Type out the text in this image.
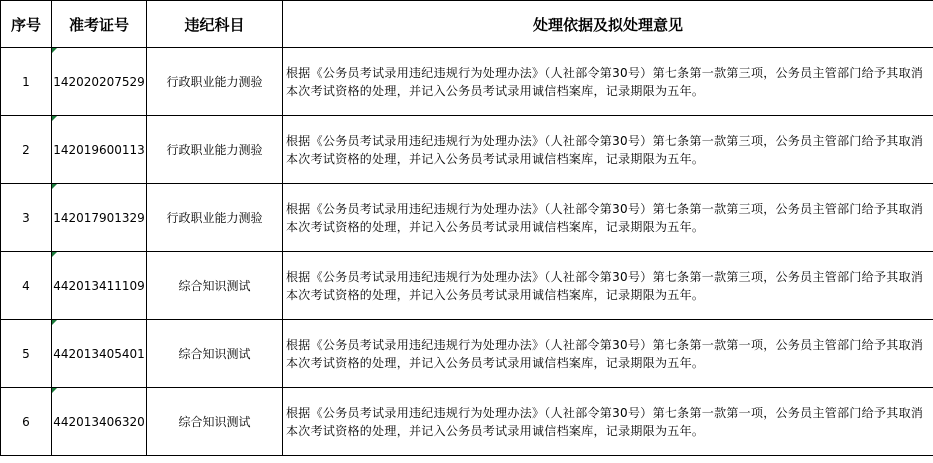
序号	准考证号	违纪科目	处理依据及拟处理意见
1	142020207529	行政职业能力测验	根据《公务员考试录用违纪违规行为处理办法》（人社部令第30号）第七条第一款第三项，公务员主管部门给予其取消本次考试资格的处理，并记入公务员考试录用诚信档案库，记录期限为五年。
2	142019600113	行政职业能力测验	根据《公务员考试录用违纪违规行为处理办法》（人社部令第30号）第七条第一款第三项，公务员主管部门给予其取消本次考试资格的处理，并记入公务员考试录用诚信档案库，记录期限为五年。
3	142017901329	行政职业能力测验	根据《公务员考试录用违纪违规行为处理办法》（人社部令第30号）第七条第一款第三项，公务员主管部门给予其取消本次考试资格的处理，并记入公务员考试录用诚信档案库，记录期限为五年。
4	442013411109	综合知识测试	根据《公务员考试录用违纪违规行为处理办法》（人社部令第30号）第七条第一款第三项，公务员主管部门给予其取消本次考试资格的处理，并记入公务员考试录用诚信档案库，记录期限为五年。
5	442013405401	综合知识测试	根据《公务员考试录用违纪违规行为处理办法》（人社部令第30号）第七条第一款第一项，公务员主管部门给予其取消本次考试资格的处理，并记入公务员考试录用诚信档案库，记录期限为五年。
6	442013406320	综合知识测试	根据《公务员考试录用违纪违规行为处理办法》（人社部令第30号）第七条第一款第一项，公务员主管部门给予其取消本次考试资格的处理，并记入公务员考试录用诚信档案库，记录期限为五年。
